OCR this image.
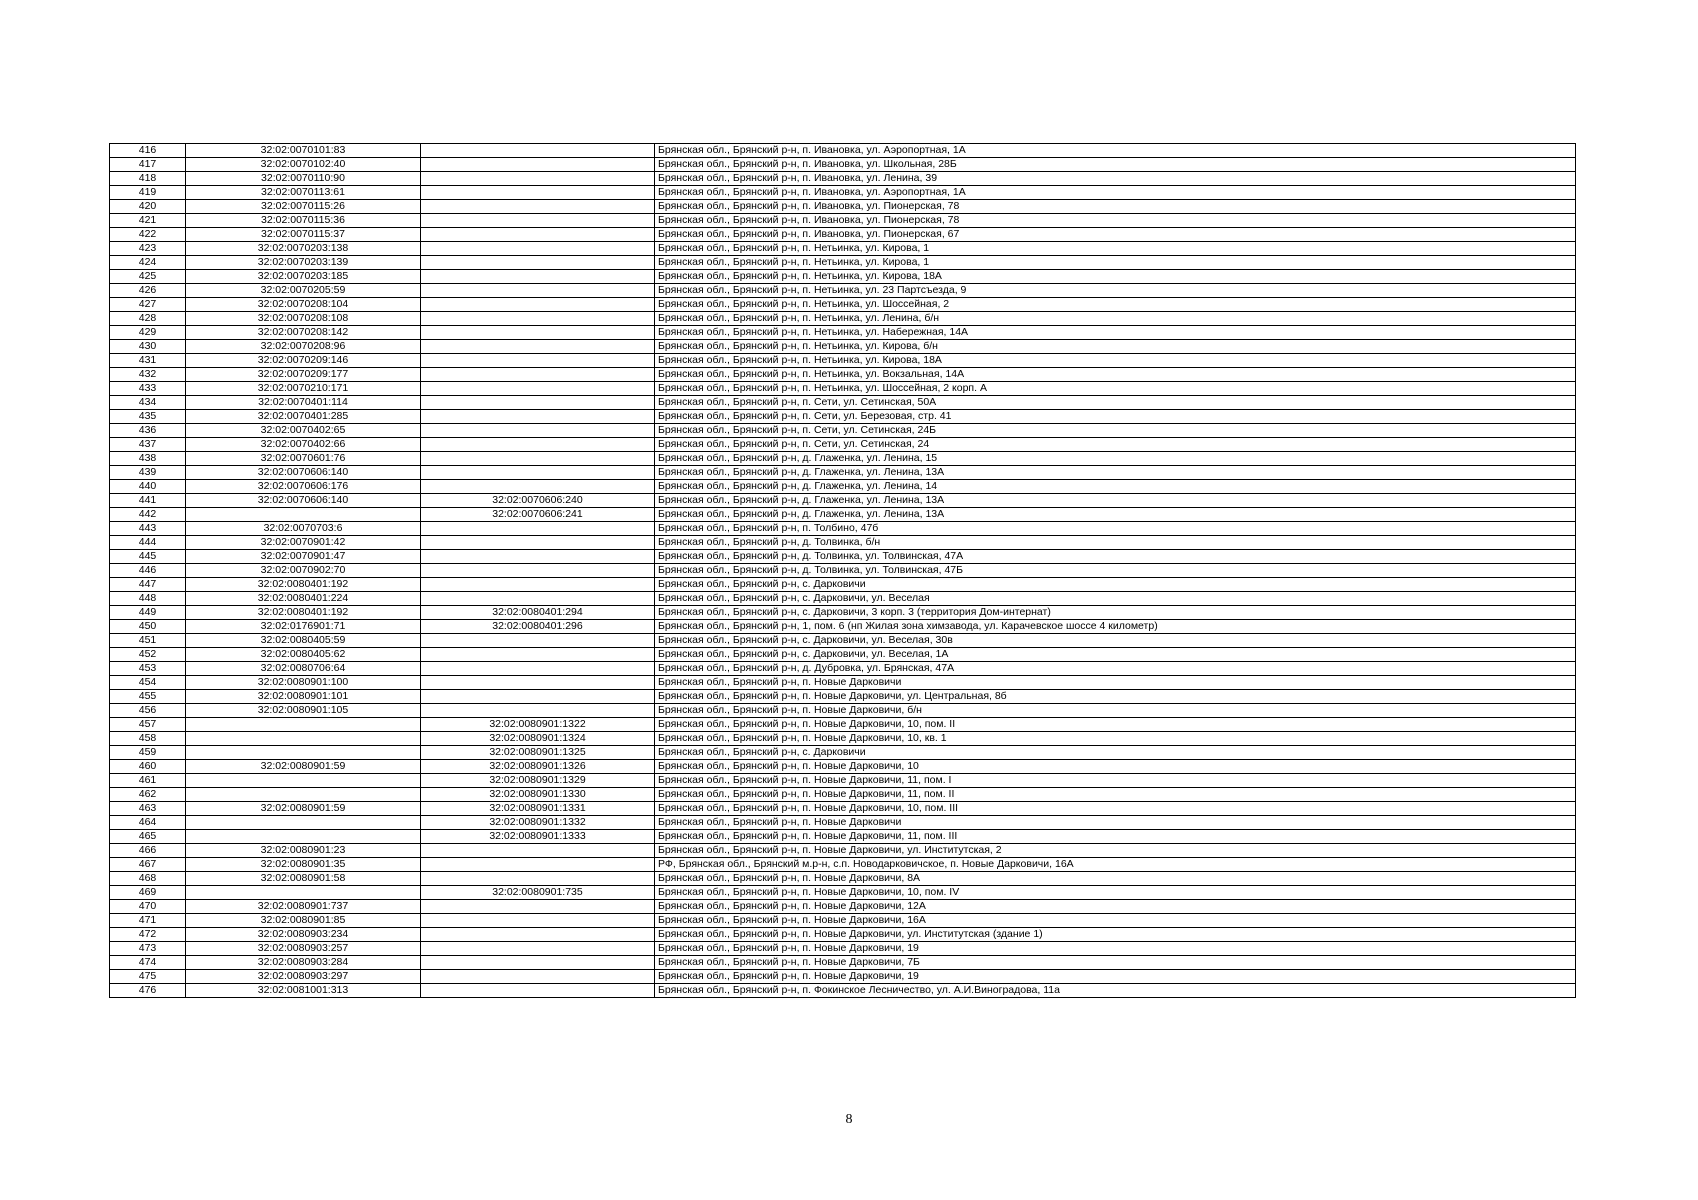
416	32:02:0070101:83		Брянская обл., Брянский р-н, п. Ивановка, ул. Аэропортная, 1А
417	32:02:0070102:40		Брянская обл., Брянский р-н, п. Ивановка, ул. Школьная, 28Б
418	32:02:0070110:90		Брянская обл., Брянский р-н, п. Ивановка, ул. Ленина, 39
419	32:02:0070113:61		Брянская обл., Брянский р-н, п. Ивановка, ул. Аэропортная, 1А
420	32:02:0070115:26		Брянская обл., Брянский р-н, п. Ивановка, ул. Пионерская, 78
421	32:02:0070115:36		Брянская обл., Брянский р-н, п. Ивановка, ул. Пионерская, 78
422	32:02:0070115:37		Брянская обл., Брянский р-н, п. Ивановка, ул. Пионерская, 67
423	32:02:0070203:138		Брянская обл., Брянский р-н, п. Нетьинка, ул. Кирова, 1
424	32:02:0070203:139		Брянская обл., Брянский р-н, п. Нетьинка, ул. Кирова, 1
425	32:02:0070203:185		Брянская обл., Брянский р-н, п. Нетьинка, ул. Кирова, 18А
426	32:02:0070205:59		Брянская обл., Брянский р-н, п. Нетьинка, ул. 23 Партсъезда, 9
427	32:02:0070208:104		Брянская обл., Брянский р-н, п. Нетьинка, ул. Шоссейная, 2
428	32:02:0070208:108		Брянская обл., Брянский р-н, п. Нетьинка, ул. Ленина, б/н
429	32:02:0070208:142		Брянская обл., Брянский р-н, п. Нетьинка, ул. Набережная, 14А
430	32:02:0070208:96		Брянская обл., Брянский р-н, п. Нетьинка, ул. Кирова, б/н
431	32:02:0070209:146		Брянская обл., Брянский р-н, п. Нетьинка, ул. Кирова, 18А
432	32:02:0070209:177		Брянская обл., Брянский р-н, п. Нетьинка, ул. Вокзальная, 14А
433	32:02:0070210:171		Брянская обл., Брянский р-н, п. Нетьинка, ул. Шоссейная, 2 корп. А
434	32:02:0070401:114		Брянская обл., Брянский р-н, п. Сети, ул. Сетинская, 50А
435	32:02:0070401:285		Брянская обл., Брянский р-н, п. Сети, ул. Березовая, стр. 41
436	32:02:0070402:65		Брянская обл., Брянский р-н, п. Сети, ул. Сетинская, 24Б
437	32:02:0070402:66		Брянская обл., Брянский р-н, п. Сети, ул. Сетинская, 24
438	32:02:0070601:76		Брянская обл., Брянский р-н, д. Глаженка, ул. Ленина, 15
439	32:02:0070606:140		Брянская обл., Брянский р-н, д. Глаженка, ул. Ленина, 13А
440	32:02:0070606:176		Брянская обл., Брянский р-н, д. Глаженка, ул. Ленина, 14
441	32:02:0070606:140	32:02:0070606:240	Брянская обл., Брянский р-н, д. Глаженка, ул. Ленина, 13А
442		32:02:0070606:241	Брянская обл., Брянский р-н, д. Глаженка, ул. Ленина, 13А
443	32:02:0070703:6		Брянская обл., Брянский р-н, п. Толбино, 47б
444	32:02:0070901:42		Брянская обл., Брянский р-н, д. Толвинка, б/н
445	32:02:0070901:47		Брянская обл., Брянский р-н, д. Толвинка, ул. Толвинская, 47А
446	32:02:0070902:70		Брянская обл., Брянский р-н, д. Толвинка, ул. Толвинская, 47Б
447	32:02:0080401:192		Брянская обл., Брянский р-н, с. Дарковичи
448	32:02:0080401:224		Брянская обл., Брянский р-н, с. Дарковичи, ул. Веселая
449	32:02:0080401:192	32:02:0080401:294	Брянская обл., Брянский р-н, с. Дарковичи, 3 корп. 3 (территория Дом-интернат)
450	32:02:0176901:71	32:02:0080401:296	Брянская обл., Брянский р-н, 1, пом. 6 (нп Жилая зона химзавода, ул. Карачевское шоссе 4 километр)
451	32:02:0080405:59		Брянская обл., Брянский р-н, с. Дарковичи, ул. Веселая, 30в
452	32:02:0080405:62		Брянская обл., Брянский р-н, с. Дарковичи, ул. Веселая, 1А
453	32:02:0080706:64		Брянская обл., Брянский р-н, д. Дубровка, ул. Брянская, 47А
454	32:02:0080901:100		Брянская обл., Брянский р-н, п. Новые Дарковичи
455	32:02:0080901:101		Брянская обл., Брянский р-н, п. Новые Дарковичи, ул. Центральная, 8б
456	32:02:0080901:105		Брянская обл., Брянский р-н, п. Новые Дарковичи, б/н
457		32:02:0080901:1322	Брянская обл., Брянский р-н, п. Новые Дарковичи, 10, пом. II
458		32:02:0080901:1324	Брянская обл., Брянский р-н, п. Новые Дарковичи, 10, кв. 1
459		32:02:0080901:1325	Брянская обл., Брянский р-н, с. Дарковичи
460	32:02:0080901:59	32:02:0080901:1326	Брянская обл., Брянский р-н, п. Новые Дарковичи, 10
461		32:02:0080901:1329	Брянская обл., Брянский р-н, п. Новые Дарковичи, 11, пом. I
462		32:02:0080901:1330	Брянская обл., Брянский р-н, п. Новые Дарковичи, 11, пом. II
463	32:02:0080901:59	32:02:0080901:1331	Брянская обл., Брянский р-н, п. Новые Дарковичи, 10, пом. III
464		32:02:0080901:1332	Брянская обл., Брянский р-н, п. Новые Дарковичи
465		32:02:0080901:1333	Брянская обл., Брянский р-н, п. Новые Дарковичи, 11, пом. III
466	32:02:0080901:23		Брянская обл., Брянский р-н, п. Новые Дарковичи, ул. Институтская, 2
467	32:02:0080901:35		РФ, Брянская обл., Брянский м.р-н, с.п. Новодарковичское, п. Новые Дарковичи, 16А
468	32:02:0080901:58		Брянская обл., Брянский р-н, п. Новые Дарковичи, 8А
469		32:02:0080901:735	Брянская обл., Брянский р-н, п. Новые Дарковичи, 10, пом. IV
470	32:02:0080901:737		Брянская обл., Брянский р-н, п. Новые Дарковичи, 12А
471	32:02:0080901:85		Брянская обл., Брянский р-н, п. Новые Дарковичи, 16А
472	32:02:0080903:234		Брянская обл., Брянский р-н, п. Новые Дарковичи, ул. Институтская (здание 1)
473	32:02:0080903:257		Брянская обл., Брянский р-н, п. Новые Дарковичи, 19
474	32:02:0080903:284		Брянская обл., Брянский р-н, п. Новые Дарковичи, 7Б
475	32:02:0080903:297		Брянская обл., Брянский р-н, п. Новые Дарковичи, 19
476	32:02:0081001:313		Брянская обл., Брянский р-н, п. Фокинское Лесничество, ул. А.И.Виноградова, 11а
8
